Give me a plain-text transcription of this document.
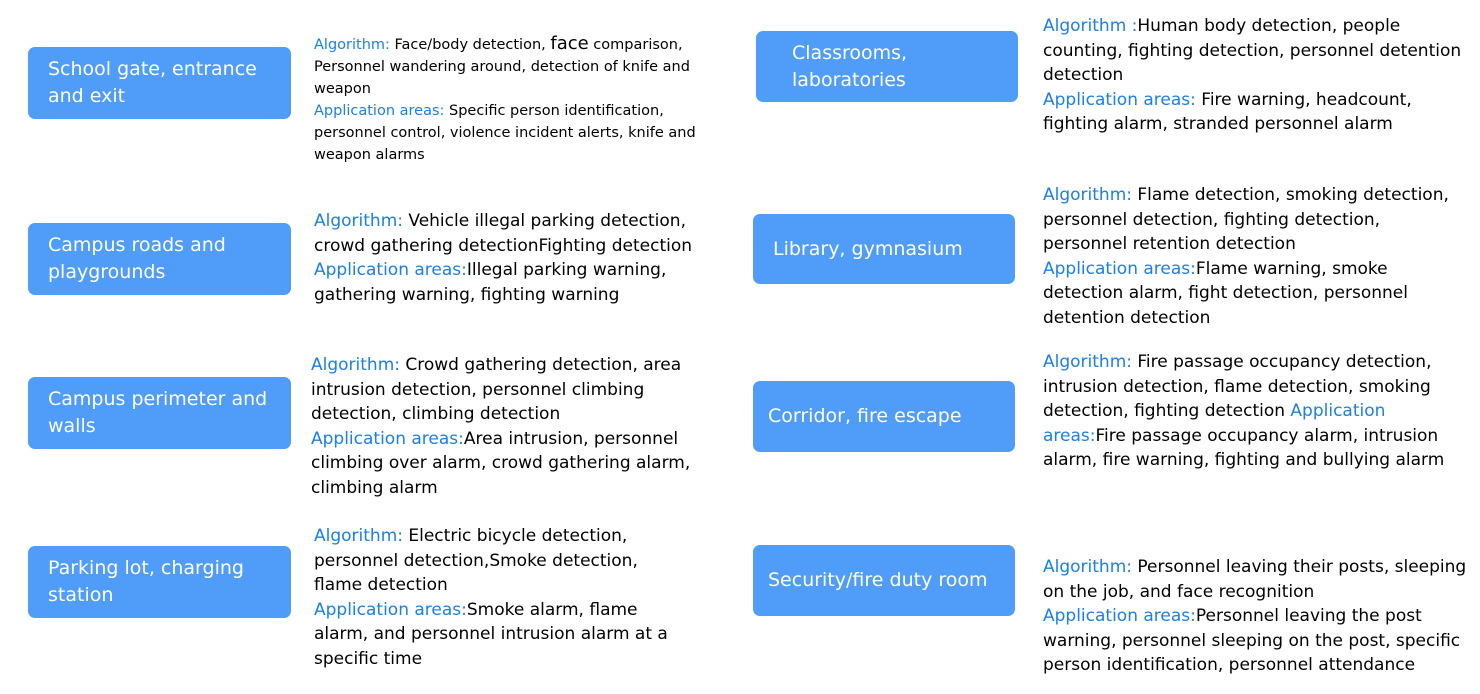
School gate, entrance and exit
Algorithm: Face/body detection, face comparison, Personnel wandering around, detection of knife and weapon
Application areas: Specific person identification, personnel control, violence incident alerts, knife and weapon alarms
Campus roads and playgrounds
Algorithm: Vehicle illegal parking detection, crowd gathering detectionFighting detection
Application areas:Illegal parking warning, gathering warning, fighting warning
Campus perimeter and walls
Algorithm: Crowd gathering detection, area intrusion detection, personnel climbing detection, climbing detection
Application areas:Area intrusion, personnel climbing over alarm, crowd gathering alarm, climbing alarm
Parking lot, charging station
Algorithm: Electric bicycle detection, personnel detection,Smoke detection, flame detection
Application areas:Smoke alarm, flame alarm, and personnel intrusion alarm at a specific time
Classrooms, laboratories
Algorithm :Human body detection, people counting, fighting detection, personnel detention detection
Application areas: Fire warning, headcount, fighting alarm, stranded personnel alarm
Library, gymnasium
Algorithm: Flame detection, smoking detection, personnel detection, fighting detection, personnel retention detection
Application areas:Flame warning, smoke detection alarm, fight detection, personnel detention detection
Corridor, fire escape
Algorithm: Fire passage occupancy detection, intrusion detection, flame detection, smoking detection, fighting detection Application areas:Fire passage occupancy alarm, intrusion alarm, fire warning, fighting and bullying alarm
Security/fire duty room
Algorithm: Personnel leaving their posts, sleeping on the job, and face recognition
Application areas:Personnel leaving the post warning, personnel sleeping on the post, specific person identification, personnel attendance
